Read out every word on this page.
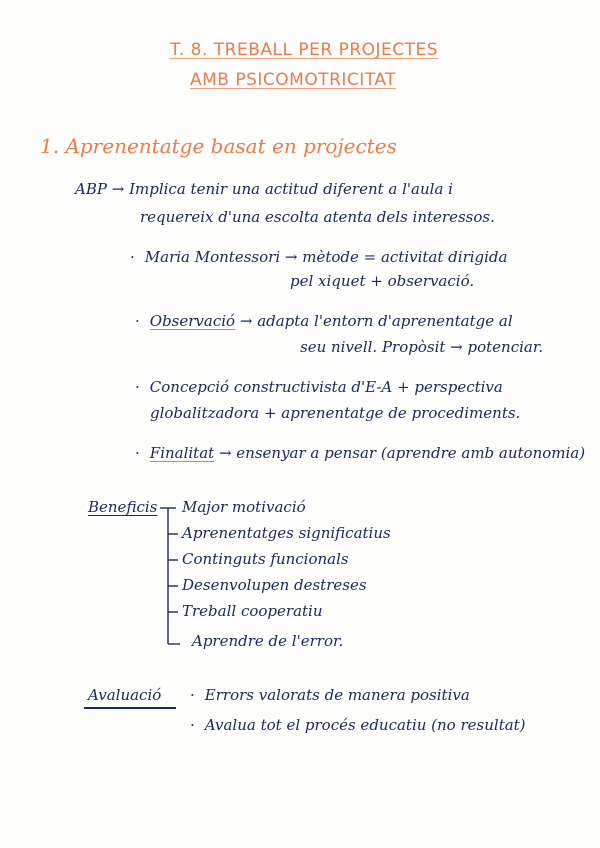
T. 8. TREBALL PER PROJECTES
AMB PSICOMOTRICITAT
1. Aprenentatge basat en projectes
ABP → Implica tenir una actitud diferent a l'aula i
requereix d'una escolta atenta dels interessos.
· Maria Montessori → mètode = activitat dirigida
pel xiquet + observació.
· Observació → adapta l'entorn d'aprenentatge al
seu nivell. Propòsit → potenciar.
· Concepció constructivista d'E-A + perspectiva
globalitzadora + aprenentatge de procediments.
· Finalitat → ensenyar a pensar (aprendre amb autonomia)
Beneficis Major motivació
Aprenentatges significatius
Continguts funcionals
Desenvolupen destreses
Treball cooperatiu
Aprendre de l'error.
Avaluació · Errors valorats de manera positiva
· Avalua tot el procés educatiu (no resultat)
